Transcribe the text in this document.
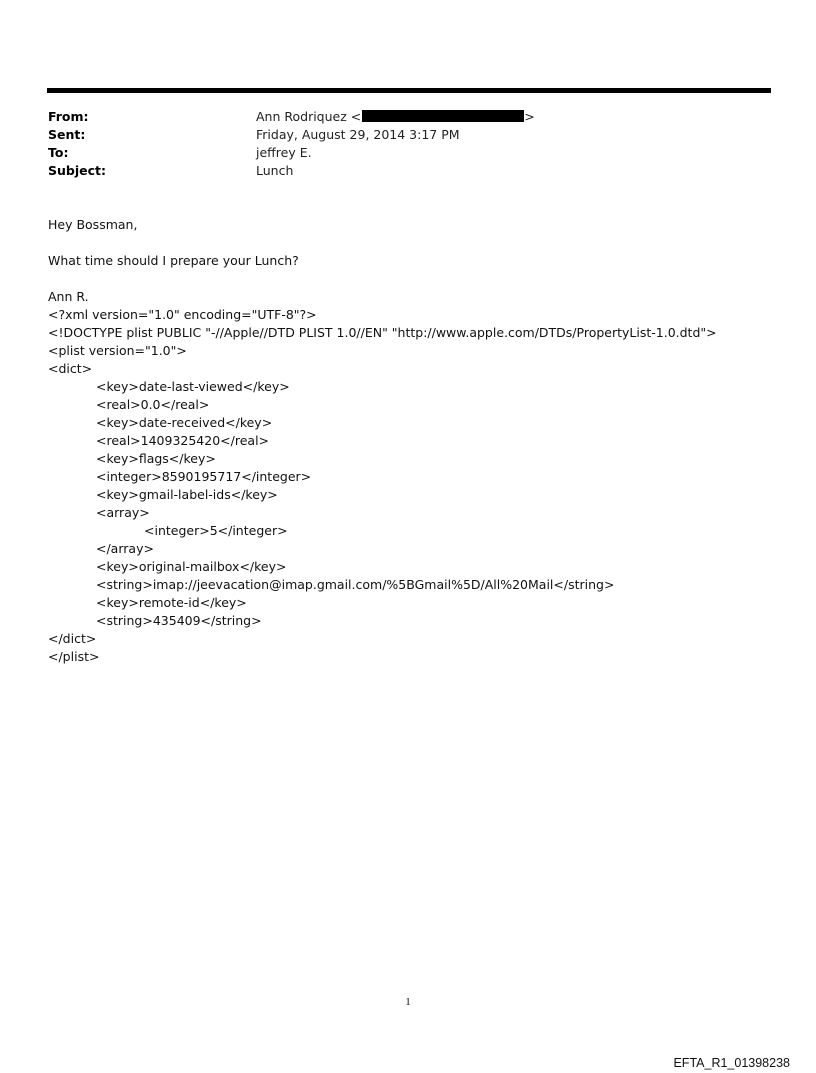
From:	Ann Rodriquez <	>
Sent:	Friday, August 29, 2014 3:17 PM
To:	jeffrey E.
Subject:	Lunch
Hey Bossman,
What time should I prepare your Lunch?
Ann R.
<?xml version="1.0" encoding="UTF-8"?>
<!DOCTYPE plist PUBLIC "-//Apple//DTD PLIST 1.0//EN" "http://www.apple.com/DTDs/PropertyList-1.0.dtd">
<plist version="1.0">
<dict>
<key>date-last-viewed</key>
<real>0.0</real>
<key>date-received</key>
<real>1409325420</real>
<key>flags</key>
<integer>8590195717</integer>
<key>gmail-label-ids</key>
<array>
<integer>5</integer>
</array>
<key>original-mailbox</key>
<string>imap://jeevacation@imap.gmail.com/%5BGmail%5D/All%20Mail</string>
<key>remote-id</key>
<string>435409</string>
</dict>
</plist>
1
EFTA_R1_01398238
